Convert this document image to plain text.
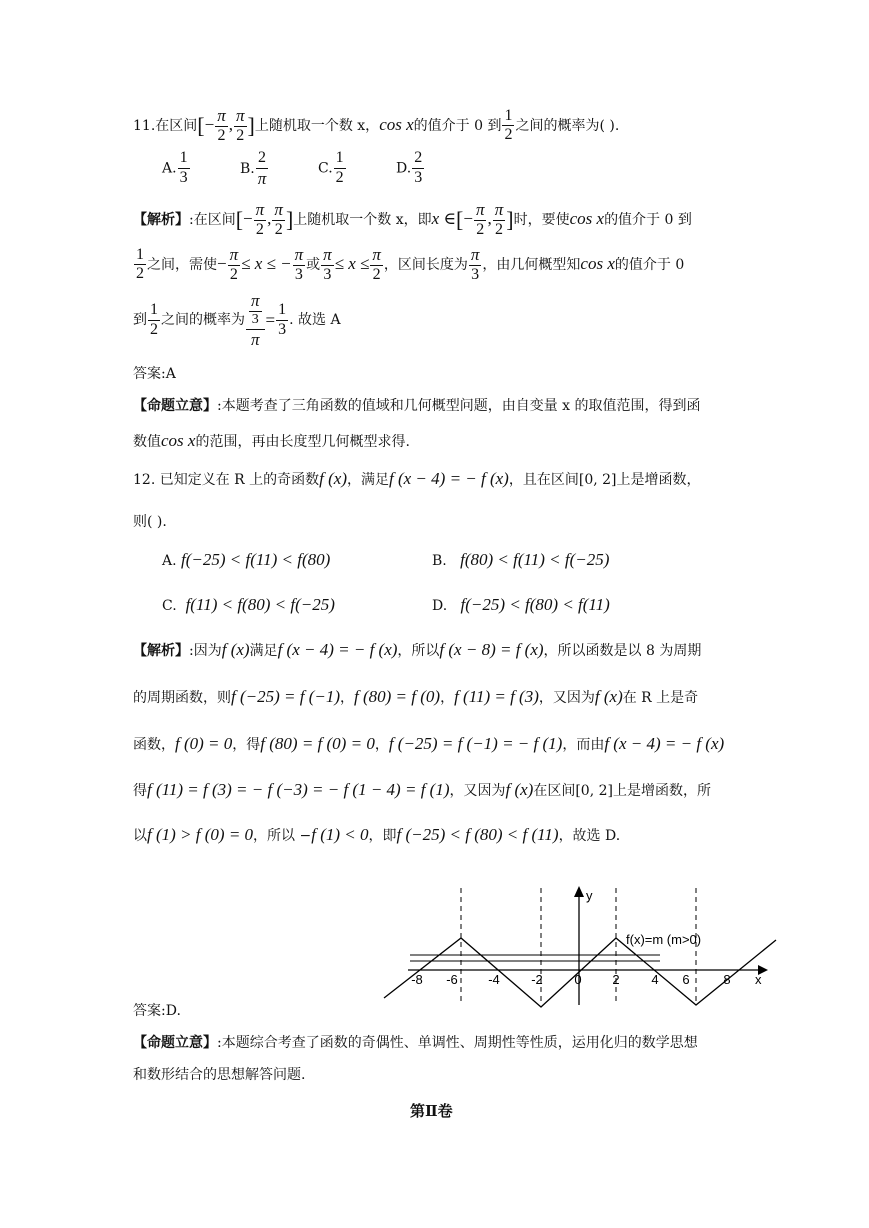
11.在区间[− $\frac{\pi}{2}$ , $\frac{\pi}{2}$ ]上随机取一个数 x，cos x的值介于 0 到 $\frac{1}{2}$ 之间的概率为( ).
A. $\frac{1}{3}$	B. $\frac{2}{\pi}$	C. $\frac{1}{2}$	D. $\frac{2}{3}$
【解析】:在区间[− $\frac{\pi}{2}$ , $\frac{\pi}{2}$ ]上随机取一个数 x，即x ∈[− $\frac{\pi}{2}$ , $\frac{\pi}{2}$ ]时，要使cos x的值介于 0 到
$\frac{1}{2}$ 之间，需使− $\frac{\pi}{2} \le x$ ≤ − $\frac{\pi}{3}$ 或 $\frac{\pi}{3} \le x \le \frac{\pi}{2}$ ，区间长度为 $\frac{\pi}{3}$ ，由几何概型知cos x的值介于 0
到 $\frac{1}{2}$ 之间的概率为 $\frac{\frac{\pi}{3}}{\pi} = \frac{1}{3}$ . 故选 A
答案:A
【命题立意】:本题考查了三角函数的值域和几何概型问题，由自变量 x 的取值范围，得到函
数值cos x的范围，再由长度型几何概型求得.
12. 已知定义在 R 上的奇函数f (x)，满足f (x − 4) = − f (x)，且在区间[0, 2]上是增函数，
则( ).
A. f(−25) < f(11) < f(80)	B. f(80) < f(11) < f(−25)
C. f(11) < f(80) < f(−25)	D. f(−25) < f(80) < f(11)
【解析】:因为f (x)满足f (x − 4) = − f (x)，所以f (x − 8) = f (x)，所以函数是以 8 为周期
的周期函数，则f (−25) = f (−1)，f (80) = f (0)，f (11) = f (3)，又因为f (x)在 R 上是奇
函数，f (0) = 0，得f (80) = f (0) = 0，f (−25) = f (−1) = − f (1)，而由f (x − 4) = − f (x)
得f (11) = f (3) = − f (−3) = − f (1 − 4) = f (1)，又因为f (x)在区间[0, 2]上是增函数，所
以f (1) > f (0) = 0，所以 −f (1) < 0，即f (−25) < f (80) < f (11)，故选 D.
y
x
f(x)=m (m>0)
-8 -6 -4 -2 0 2 4 6	8
答案:D.
【命题立意】:本题综合考查了函数的奇偶性、单调性、周期性等性质，运用化归的数学思想
和数形结合的思想解答问题.
第Ⅱ卷
